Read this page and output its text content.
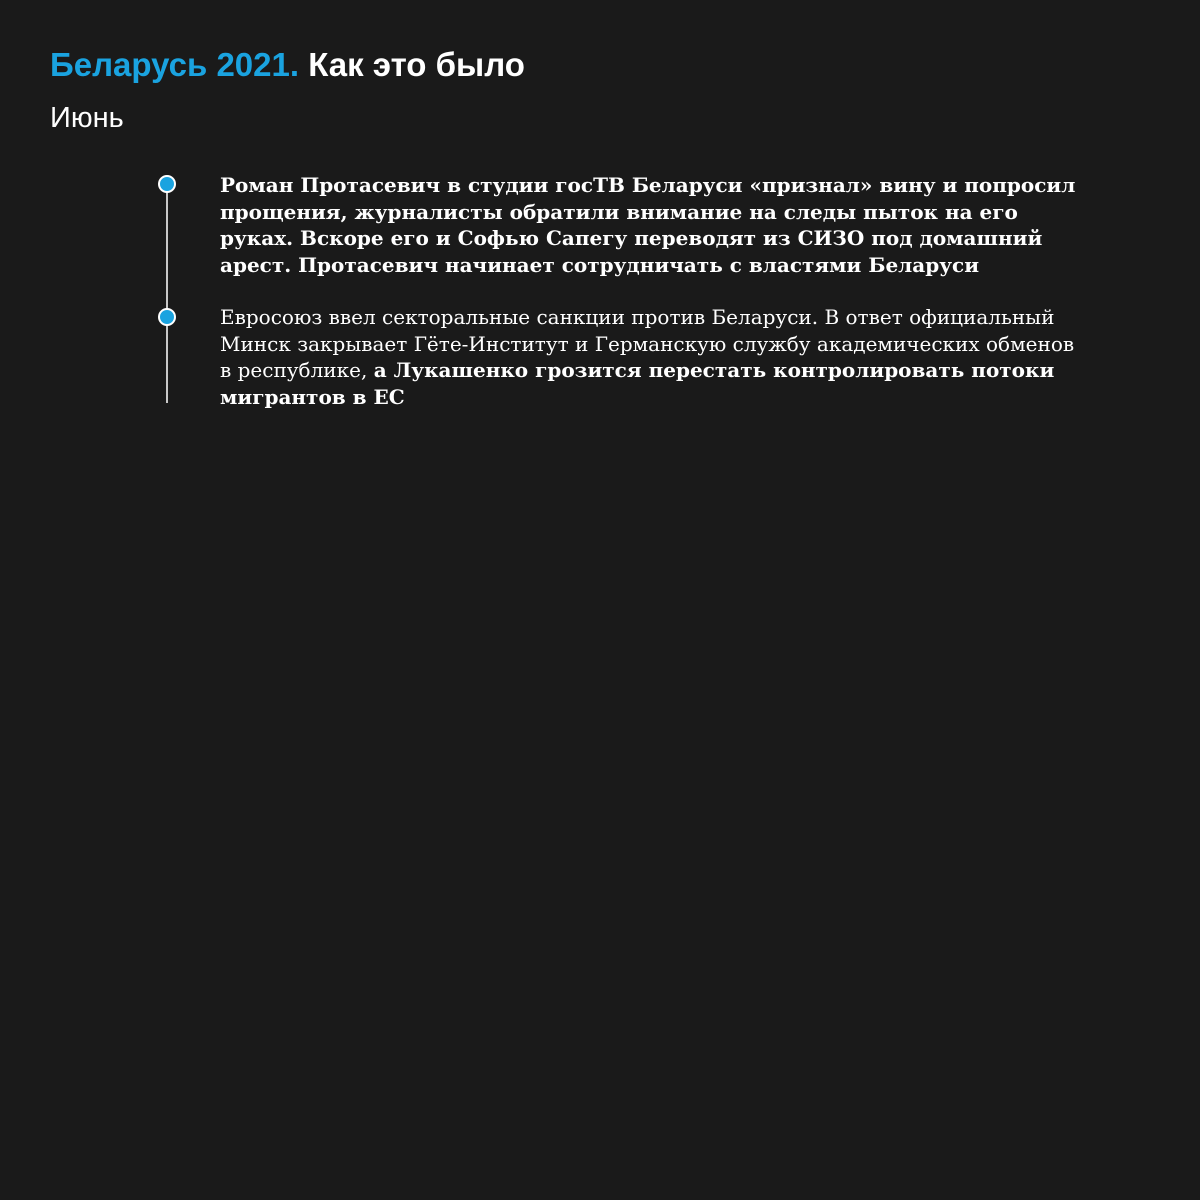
Беларусь 2021. Как это было
Июнь
Роман Протасевич в студии госТВ Беларуси «признал» вину и попросил прощения, журналисты обратили внимание на следы пыток на его руках. Вскоре его и Софью Сапегу переводят из СИЗО под домашний арест. Протасевич начинает сотрудничать с властями Беларуси
Евросоюз ввел секторальные санкции против Беларуси. В ответ официальный Минск закрывает Гёте-Институт и Германскую службу академических обменов в республике, а Лукашенко грозится перестать контролировать потоки мигрантов в ЕС
